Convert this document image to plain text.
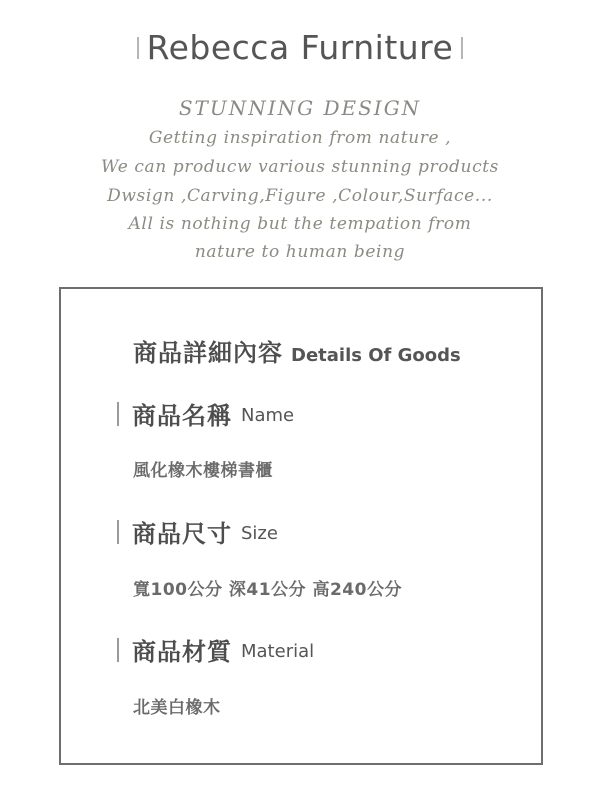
Rebecca Furniture
STUNNING DESIGN
Getting inspiration from nature ,
We can producw various stunning products
Dwsign ,Carving,Figure ,Colour,Surface...
All is nothing but the tempation from
nature to human being
商品詳細內容 Details Of Goods
商品名稱 Name
風化橡木樓梯書櫃
商品尺寸 Size
寬100公分 深41公分 高240公分
商品材質 Material
北美白橡木
